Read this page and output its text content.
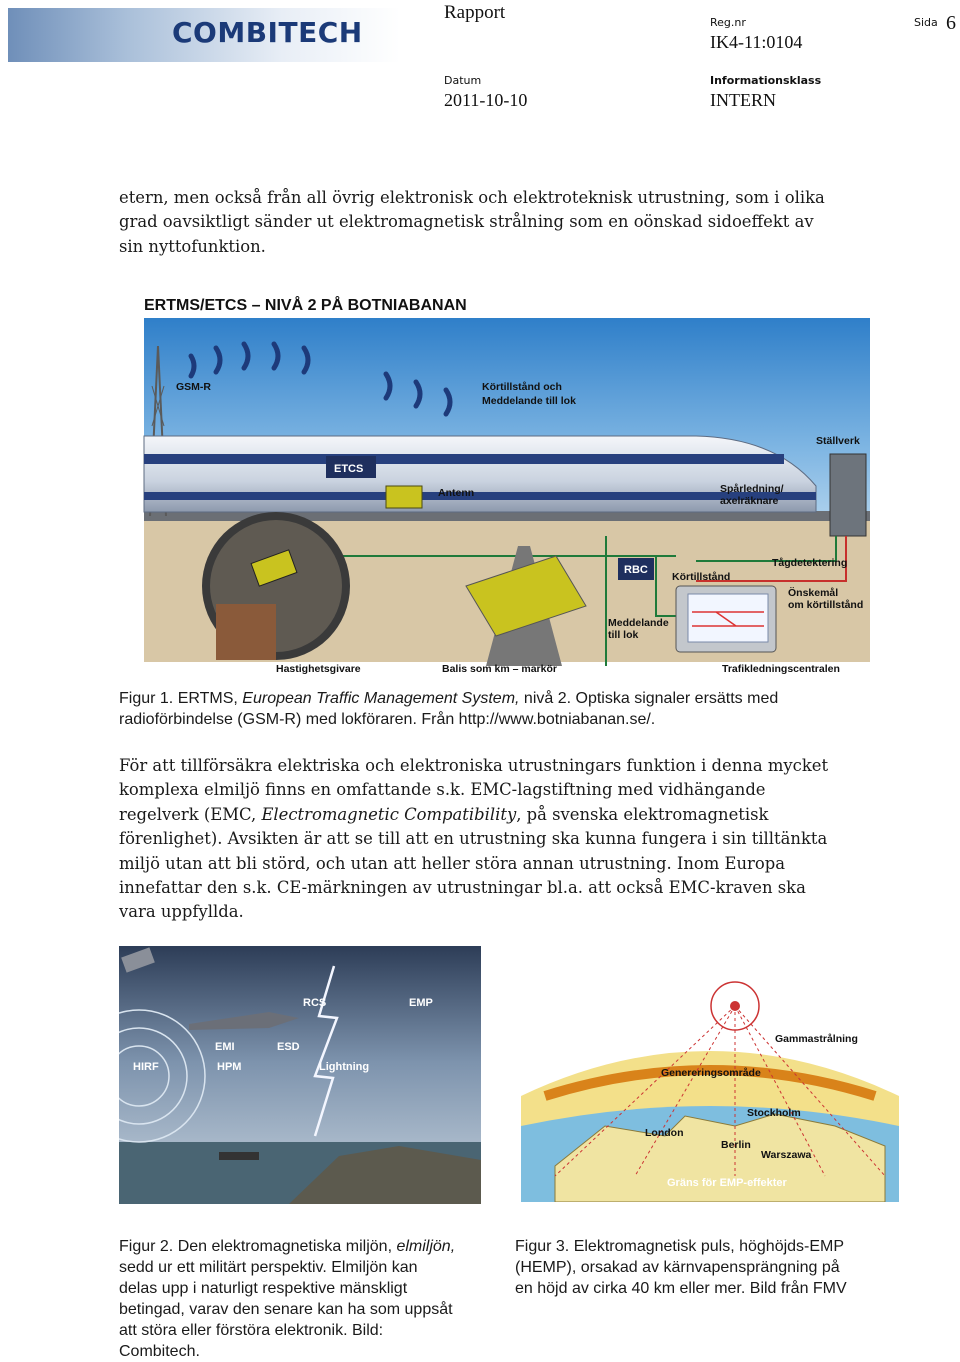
COMBITECH
Rapport	Reg.nr
IK4-11:0104
Sida 6
Datum
2011-10-10
Informationsklass
INTERN

etern, men också från all övrig elektronisk och elektroteknisk utrustning, som i olika

grad oavsiktligt sänder ut elektromagnetisk strålning som en oönskad sidoeffekt av

sin nyttofunktion.

ERTMS/ETCS – NIVÅ 2 PÅ BOTNIABANAN
GSM-R	Körtillstånd och
Meddelande till lok
ETCS
Antenn
Ställverk
Spårledning/
axelräknare
RBC
Körtillstånd
Tågdetektering
Önskemål
om körtillstånd
Meddelande
till lok
Hastighetsgivare	Balis som km – markör	Trafikledningscentralen

Figur 1. ERTMS, European Traffic Management System, nivå 2. Optiska signaler ersätts med

radioförbindelse (GSM-R) med lokföraren. Från http://www.botniabanan.se/.

För att tillförsäkra elektriska och elektroniska utrustningars funktion i denna mycket

komplexa elmiljö finns en omfattande s.k. EMC-lagstiftning med vidhängande

regelverk (EMC, Electromagnetic Compatibility, på svenska elektromagnetisk

förenlighet). Avsikten är att se till att en utrustning ska kunna fungera i sin tilltänkta

miljö utan att bli störd, och utan att heller störa annan utrustning. Inom Europa

innefattar den s.k. CE-märkningen av utrustningar bl.a. att också EMC-kraven ska

vara uppfyllda.

RCS	EMP
EMI	ESD
HIRF	HPM	Lightning
Gammastrålning
Genereringsområde
Stockholm
London
Berlin
Warszawa
Gräns för EMP-effekter

Figur 2. Den elektromagnetiska miljön, elmiljön,

sedd ur ett militärt perspektiv. Elmiljön kan

delas upp i naturligt respektive mänskligt

betingad, varav den senare kan ha som uppsåt

att störa eller förstöra elektronik. Bild:

Combitech.

Figur 3. Elektromagnetisk puls, höghöjds-EMP

(HEMP), orsakad av kärnvapensprängning på

en höjd av cirka 40 km eller mer. Bild från FMV
